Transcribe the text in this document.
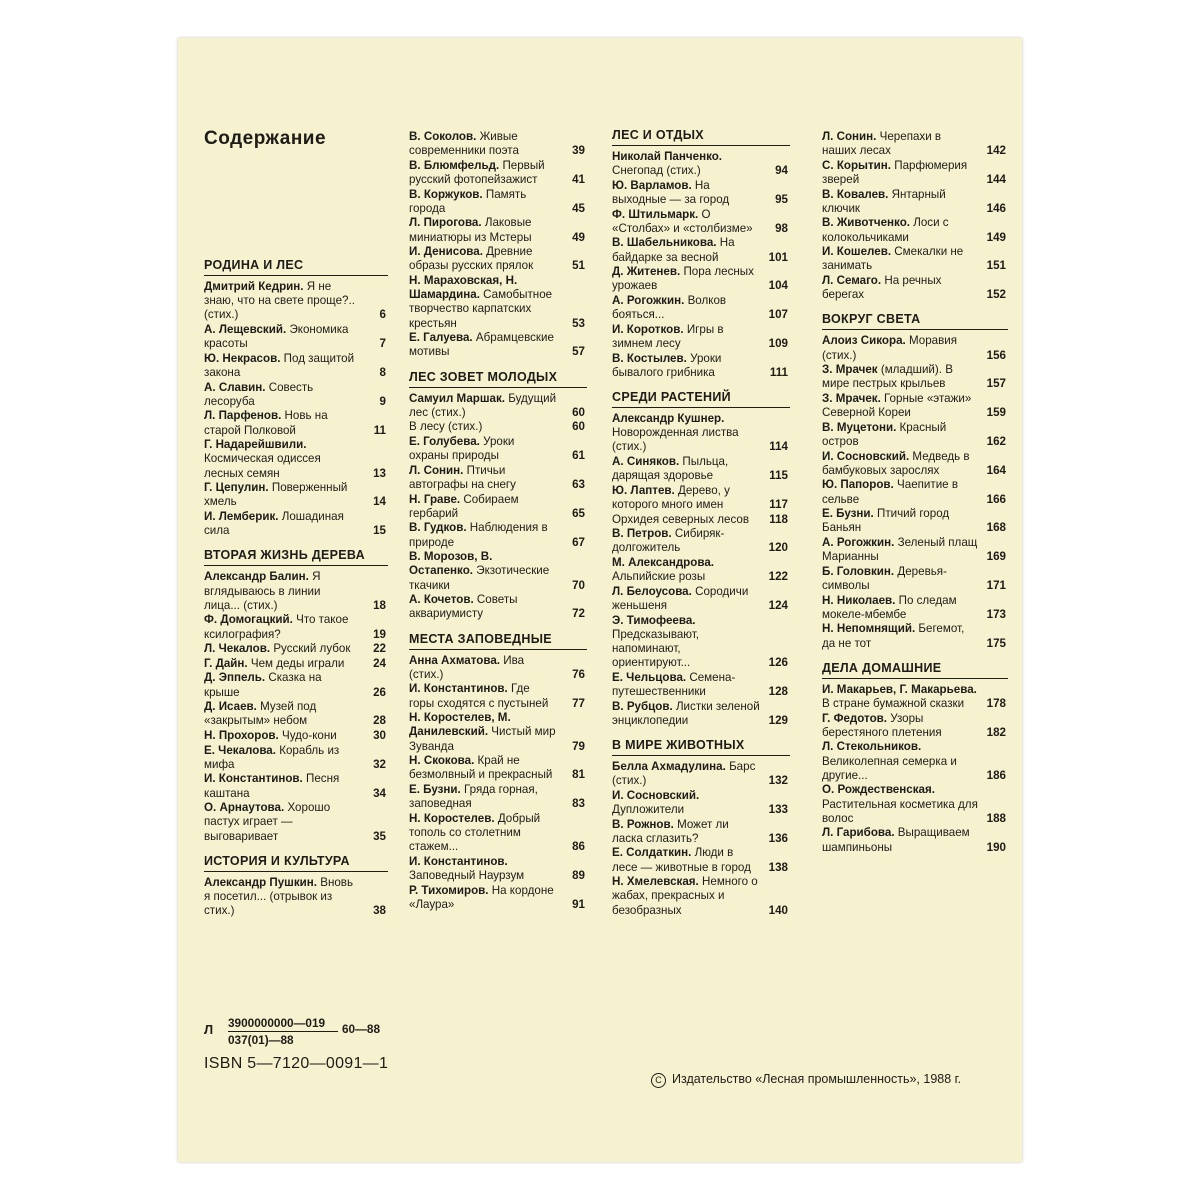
Содержание
РОДИНА И ЛЕС
Дмитрий Кедрин. Я не знаю, что на свете проще?.. (стих.)	6
А. Лещевский. Экономика красоты	7
Ю. Некрасов. Под защитой закона	8
А. Славин. Совесть лесоруба	9
Л. Парфенов. Новь на старой Полковой	11
Г. Надарейшвили. Космическая одиссея лесных семян	13
Г. Цепулин. Поверженный хмель	14
И. Лемберик. Лошадиная сила	15
ВТОРАЯ ЖИЗНЬ ДЕРЕВА
Александр Балин. Я вглядываюсь в линии лица... (стих.)	18
Ф. Домогацкий. Что такое ксилография?	19
Л. Чекалов. Русский лубок 22
Г. Дайн. Чем деды играли 24
Д. Эппель. Сказка на крыше	26
Д. Исаев. Музей под «закрытым» небом	28
Н. Прохоров. Чудо-кони	30
Е. Чекалова. Корабль из мифа	32
И. Константинов. Песня каштана	34
О. Арнаутова. Хорошо пастух играет — выговаривает	35
ИСТОРИЯ И КУЛЬТУРА
Александр Пушкин. Вновь я посетил... (отрывок из стих.)	38
В. Соколов. Живые современники поэта	39
В. Блюмфельд. Первый русский фотопейзажист	41
В. Коржуков. Память города	45
Л. Пирогова. Лаковые миниатюры из Мстеры	49
И. Денисова. Древние образы русских прялок	51
Н. Мараховская, Н. Шамардина. Самобытное творчество карпатских крестьян	53
Е. Галуева. Абрамцевские мотивы	57
ЛЕС ЗОВЕТ МОЛОДЫХ
Самуил Маршак. Будущий лес (стих.)	60
В лесу (стих.)	60
Е. Голубева. Уроки охраны природы	61
Л. Сонин. Птичьи автографы на снегу	63
Н. Граве. Собираем гербарий	65
В. Гудков. Наблюдения в природе	67
В. Морозов, В. Остапенко. Экзотические ткачики	70
А. Кочетов. Советы аквариумисту	72
МЕСТА ЗАПОВЕДНЫЕ
Анна Ахматова. Ива (стих.)	76
И. Константинов. Где горы сходятся с пустыней 77
Н. Коростелев, М. Данилевский. Чистый мир Зуванда	79
Н. Скокова. Край не безмолвный и прекрасный 81
Е. Бузни. Гряда горная, заповедная	83
Н. Коростелев. Добрый тополь со столетним стажем...	86
И. Константинов. Заповедный Наурзум	89
Р. Тихомиров. На кордоне «Лаура»	91
ЛЕС И ОТДЫХ
Николай Панченко. Снегопад (стих.)	94
Ю. Варламов. На выходные — за город	95
Ф. Штильмарк. О «Столбах» и «столбизме» 98
В. Шабельникова. На байдарке за весной	101
Д. Житенев. Пора лесных урожаев	104
А. Рогожкин. Волков бояться...	107
И. Коротков. Игры в зимнем лесу	109
В. Костылев. Уроки бывалого грибника	111
СРЕДИ РАСТЕНИЙ
Александр Кушнер. Новорожденная листва (стих.)	114
А. Синяков. Пыльца, дарящая здоровье	115
Ю. Лаптев. Дерево, у которого много имен	117
Орхидея северных лесов 118
В. Петров. Сибиряк-долгожитель	120
М. Александрова. Альпийские розы	122
Л. Белоусова. Сородичи женьшеня	124
Э. Тимофеева. Предсказывают, напоминают, ориентируют...	126
Е. Чельцова. Семена-путешественники	128
В. Рубцов. Листки зеленой энциклопедии	129
В МИРЕ ЖИВОТНЫХ
Белла Ахмадулина. Барс (стих.)	132
И. Сосновский. Дупложители	133
В. Рожнов. Может ли ласка сглазить?	136
Е. Солдаткин. Люди в лесе — животные в город 138
Н. Хмелевская. Немного о жабах, прекрасных и безобразных	140
Л. Сонин. Черепахи в наших лесах	142
С. Корытин. Парфюмерия зверей	144
В. Ковалев. Янтарный ключик	146
В. Животченко. Лоси с колокольчиками	149
И. Кошелев. Смекалки не занимать	151
Л. Семаго. На речных берегах	152
ВОКРУГ СВЕТА
Алоиз Сикора. Моравия (стих.)	156
З. Мрачек (младший). В мире пестрых крыльев	157
З. Мрачек. Горные «этажи» Северной Кореи	159
В. Муцетони. Красный остров	162
И. Сосновский. Медведь в бамбуковых зарослях	164
Ю. Папоров. Чаепитие в сельве	166
Е. Бузни. Птичий город Баньян	168
А. Рогожкин. Зеленый плащ Марианны	169
Б. Головкин. Деревья-символы	171
Н. Николаев. По следам мокеле-мбембе	173
Н. Непомнящий. Бегемот, да не тот	175
ДЕЛА ДОМАШНИЕ
И. Макарьев, Г. Макарьева. В стране бумажной сказки 178
Г. Федотов. Узоры берестяного плетения	182
Л. Стекольников. Великолепная семерка и другие...	186
О. Рождественская. Растительная косметика для волос	188
Л. Гарибова. Выращиваем шампиньоны	190
Л $\frac{3900000000—019}{037(01)—88}$ 60—88
ISBN 5—7120—0091—1
С Издательство «Лесная промышленность», 1988 г.
